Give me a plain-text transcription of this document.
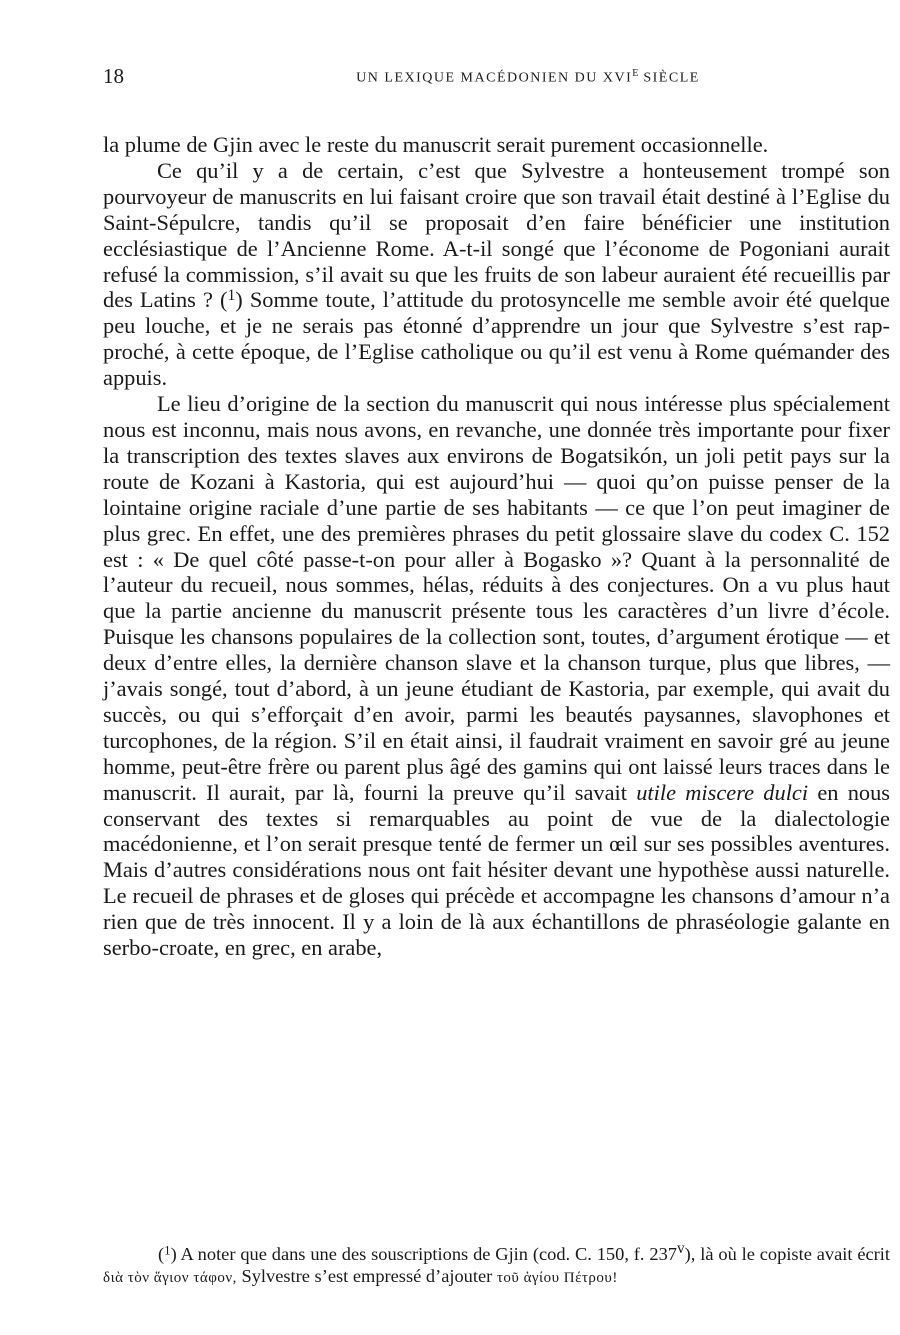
18	UN LEXIQUE MACÉDONIEN DU $XVI^E$ SIÈCLE

la plume de Gjin avec le reste du manuscrit serait purement occasionnelle.

Ce qu’il y a de certain, c’est que Sylvestre a honteusement trompé son pourvoyeur de manuscrits en lui faisant croire que son travail était destiné à l’Eglise du Saint-Sépulcre, tandis qu’il se proposait d’en faire bénéficier une institution ecclésiastique de l’Ancienne Rome. A-t-il songé que l’économe de Pogoniani aurait refusé la commission, s’il avait su que les fruits de son labeur auraient été recueillis par des Latins ? ($^1$) Somme toute, l’attitude du protosyncelle me semble avoir été quelque peu louche, et je ne serais pas étonné d’apprendre un jour que Sylvestre s’est rapproché, à cette époque, de l’Eglise catholique ou qu’il est venu à Rome quémander des appuis.

Le lieu d’origine de la section du manuscrit qui nous intéresse plus spécialement nous est inconnu, mais nous avons, en revanche, une donnée très importante pour fixer la transcription des textes slaves aux environs de Bogatsikón, un joli petit pays sur la route de Kozani à Kastoria, qui est aujourd’hui — quoi qu’on puisse penser de la lointaine origine raciale d’une partie de ses habitants — ce que l’on peut imaginer de plus grec. En effet, une des premières phrases du petit glossaire slave du codex C. 152 est : « De quel côté passe-t-on pour aller à Bogasko »? Quant à la personnalité de l’auteur du recueil, nous sommes, hélas, réduits à des conjectures. On a vu plus haut que la partie ancienne du manuscrit présente tous les caractères d’un livre d’école. Puisque les chansons populaires de la collection sont, toutes, d’argument érotique — et deux d’entre elles, la dernière chanson slave et la chanson turque, plus que libres, — j’avais songé, tout d’abord, à un jeune étudiant de Kastoria, par exemple, qui avait du succès, ou qui s’efforçait d’en avoir, parmi les beautés paysannes, slavophones et turcophones, de la région. S’il en était ainsi, il faudrait vraiment en savoir gré au jeune homme, peut-être frère ou parent plus âgé des gamins qui ont laissé leurs traces dans le manuscrit. Il aurait, par là, fourni la preuve qu’il savait utile miscere dulci en nous conservant des textes si remarquables au point de vue de la dialectologie macédonienne, et l’on serait presque tenté de fermer un œil sur ses possibles aventures. Mais d’autres considérations nous ont fait hésiter devant une hypothèse aussi naturelle. Le recueil de phrases et de gloses qui précède et accompagne les chansons d’amour n’a rien que de très innocent. Il y a loin de là aux échantillons de phraséologie galante en serbo-croate, en grec, en arabe,

($^1$) A noter que dans une des souscriptions de Gjin (cod. C. 150, f. 237$^v$), là où le copiste avait écrit διὰ τὸν ἅγιον τάφον, Sylvestre s’est empressé d’ajouter τοῦ ἁγίου Πέτρου!
